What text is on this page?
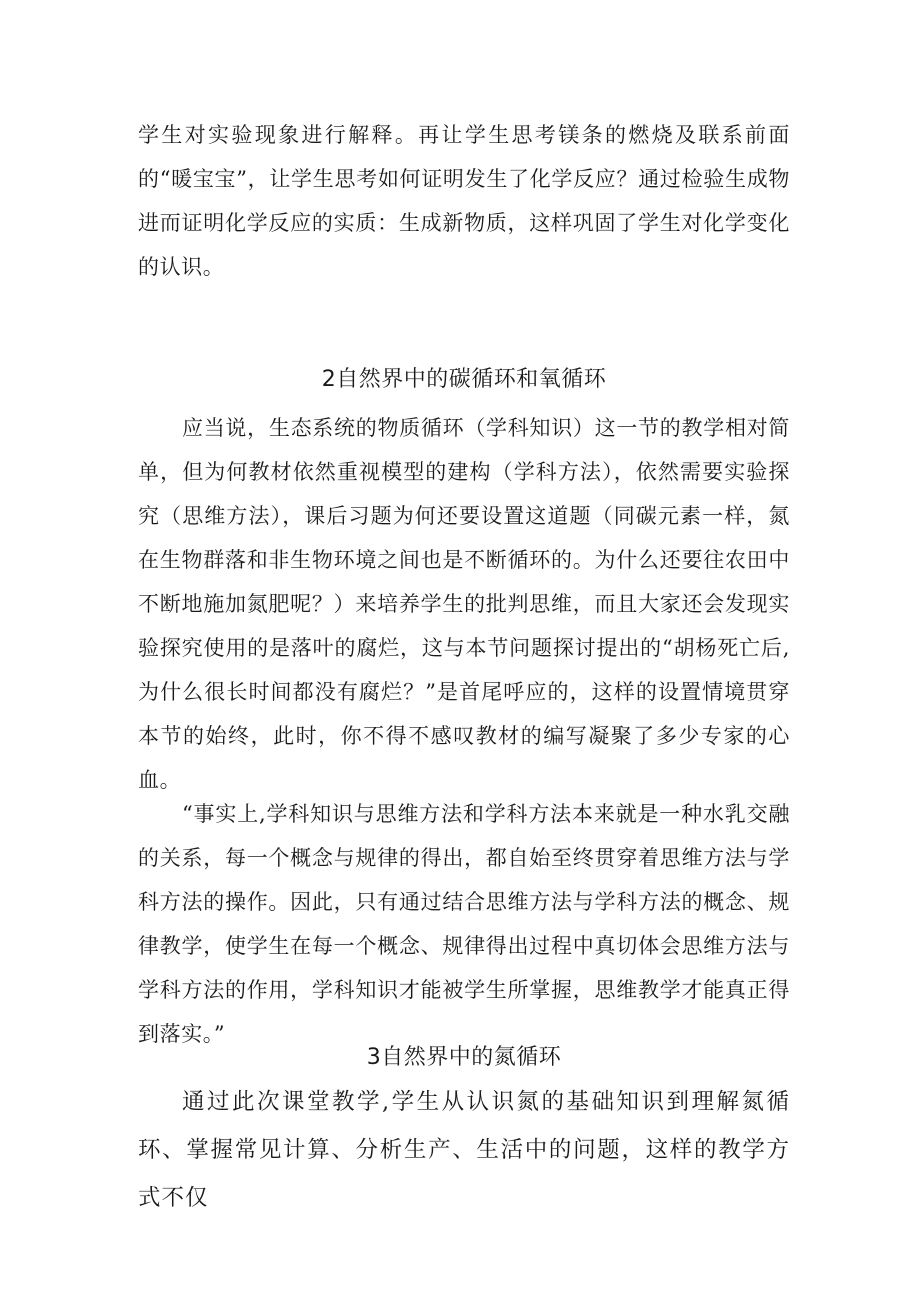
学生对实验现象进行解释。再让学生思考镁条的燃烧及联系前面的“暖宝宝”，让学生思考如何证明发生了化学反应？通过检验生成物进而证明化学反应的实质：生成新物质，这样巩固了学生对化学变化的认识。

2自然界中的碳循环和氧循环

应当说，生态系统的物质循环（学科知识）这一节的教学相对简单，但为何教材依然重视模型的建构（学科方法），依然需要实验探究（思维方法），课后习题为何还要设置这道题（同碳元素一样，氮在生物群落和非生物环境之间也是不断循环的。为什么还要往农田中不断地施加氮肥呢？）来培养学生的批判思维，而且大家还会发现实验探究使用的是落叶的腐烂，这与本节问题探讨提出的“胡杨死亡后,为什么很长时间都没有腐烂？”是首尾呼应的，这样的设置情境贯穿本节的始终，此时，你不得不感叹教材的编写凝聚了多少专家的心血。

“事实上,学科知识与思维方法和学科方法本来就是一种水乳交融的关系，每一个概念与规律的得出，都自始至终贯穿着思维方法与学科方法的操作。因此，只有通过结合思维方法与学科方法的概念、规律教学，使学生在每一个概念、规律得出过程中真切体会思维方法与学科方法的作用，学科知识才能被学生所掌握，思维教学才能真正得到落实。”

3自然界中的氮循环

通过此次课堂教学,学生从认识氮的基础知识到理解氮循环、掌握常见计算、分析生产、生活中的问题，这样的教学方式不仅
